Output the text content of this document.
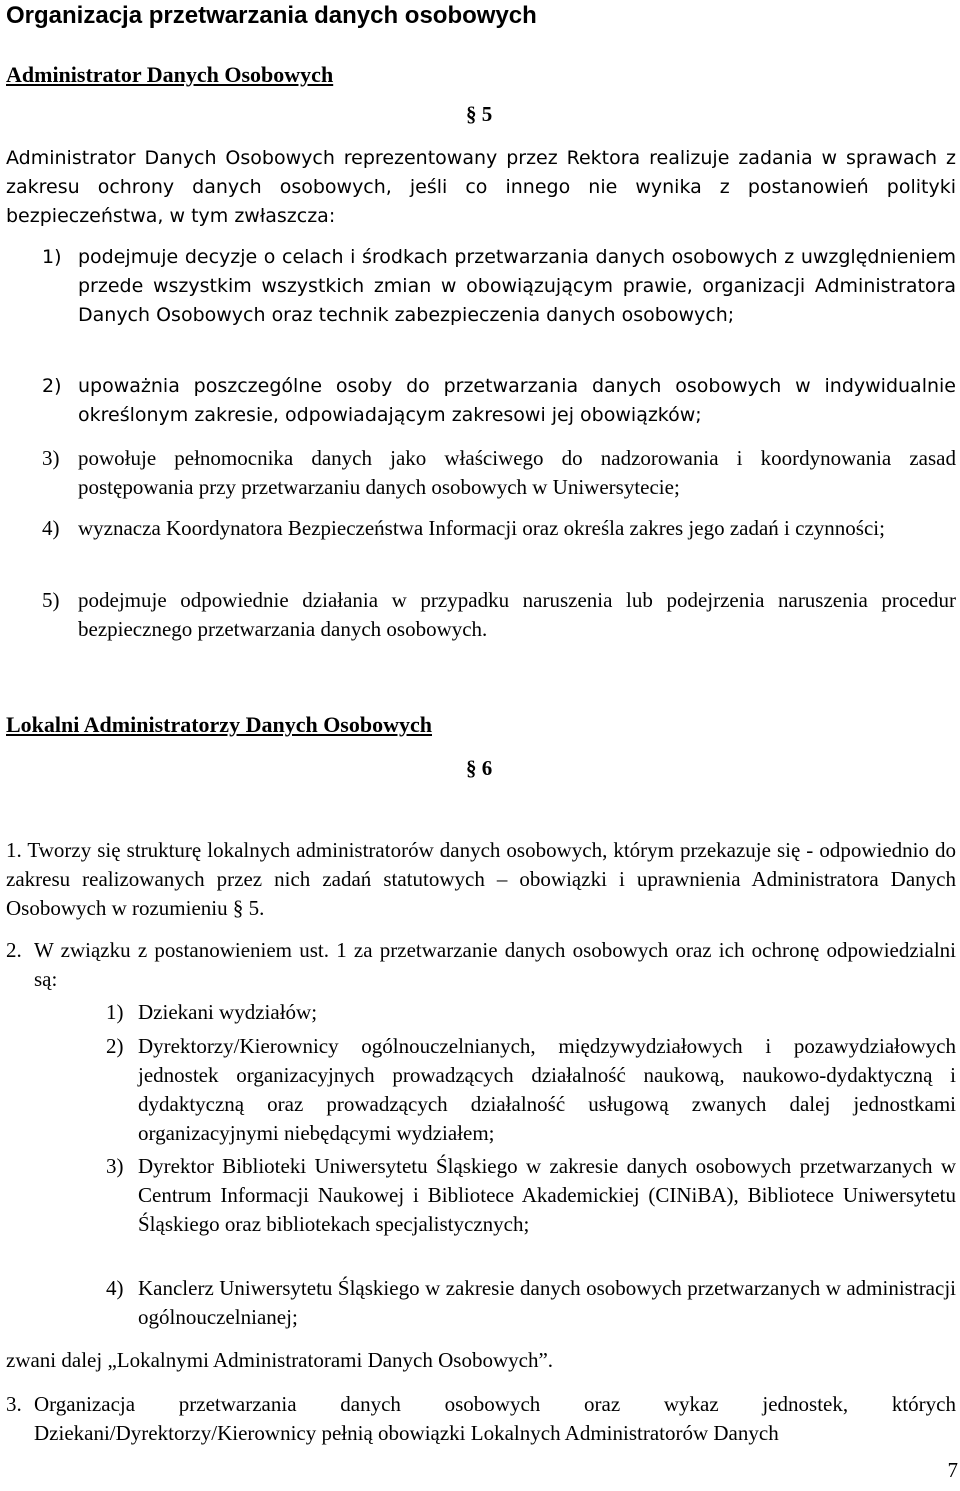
Organizacja przetwarzania danych osobowych
Administrator Danych Osobowych
§ 5
Administrator Danych Osobowych reprezentowany przez Rektora realizuje zadania w sprawach z zakresu ochrony danych osobowych, jeśli co innego nie wynika z postanowień polityki bezpieczeństwa, w tym zwłaszcza:
1) podejmuje decyzje o celach i środkach przetwarzania danych osobowych z uwzględnieniem przede wszystkim wszystkich zmian w obowiązującym prawie, organizacji Administratora Danych Osobowych oraz technik zabezpieczenia danych osobowych;
2) upoważnia poszczególne osoby do przetwarzania danych osobowych w indywidualnie określonym zakresie, odpowiadającym zakresowi jej obowiązków;
3) powołuje pełnomocnika danych jako właściwego do nadzorowania i koordynowania zasad postępowania przy przetwarzaniu danych osobowych w Uniwersytecie;
4) wyznacza Koordynatora Bezpieczeństwa Informacji oraz określa zakres jego zadań i czynności;
5) podejmuje odpowiednie działania w przypadku naruszenia lub podejrzenia naruszenia procedur bezpiecznego przetwarzania danych osobowych.
Lokalni Administratorzy Danych Osobowych
§ 6
1. Tworzy się strukturę lokalnych administratorów danych osobowych, którym przekazuje się - odpowiednio do zakresu realizowanych przez nich zadań statutowych – obowiązki i uprawnienia Administratora Danych Osobowych w rozumieniu § 5.
2. W związku z postanowieniem ust. 1 za przetwarzanie danych osobowych oraz ich ochronę odpowiedzialni są:
1) Dziekani wydziałów;
2) Dyrektorzy/Kierownicy ogólnouczelnianych, międzywydziałowych i pozawydziałowych jednostek organizacyjnych prowadzących działalność naukową, naukowo-dydaktyczną i dydaktyczną oraz prowadzących działalność usługową zwanych dalej jednostkami organizacyjnymi niebędącymi wydziałem;
3) Dyrektor Biblioteki Uniwersytetu Śląskiego w zakresie danych osobowych przetwarzanych w Centrum Informacji Naukowej i Bibliotece Akademickiej (CINiBA), Bibliotece Uniwersytetu Śląskiego oraz bibliotekach specjalistycznych;
4) Kanclerz Uniwersytetu Śląskiego w zakresie danych osobowych przetwarzanych w administracji ogólnouczelnianej;
zwani dalej „Lokalnymi Administratorami Danych Osobowych”.
3. Organizacja przetwarzania danych osobowych oraz wykaz jednostek, których Dziekani/Dyrektorzy/Kierownicy pełnią obowiązki Lokalnych Administratorów Danych
7
